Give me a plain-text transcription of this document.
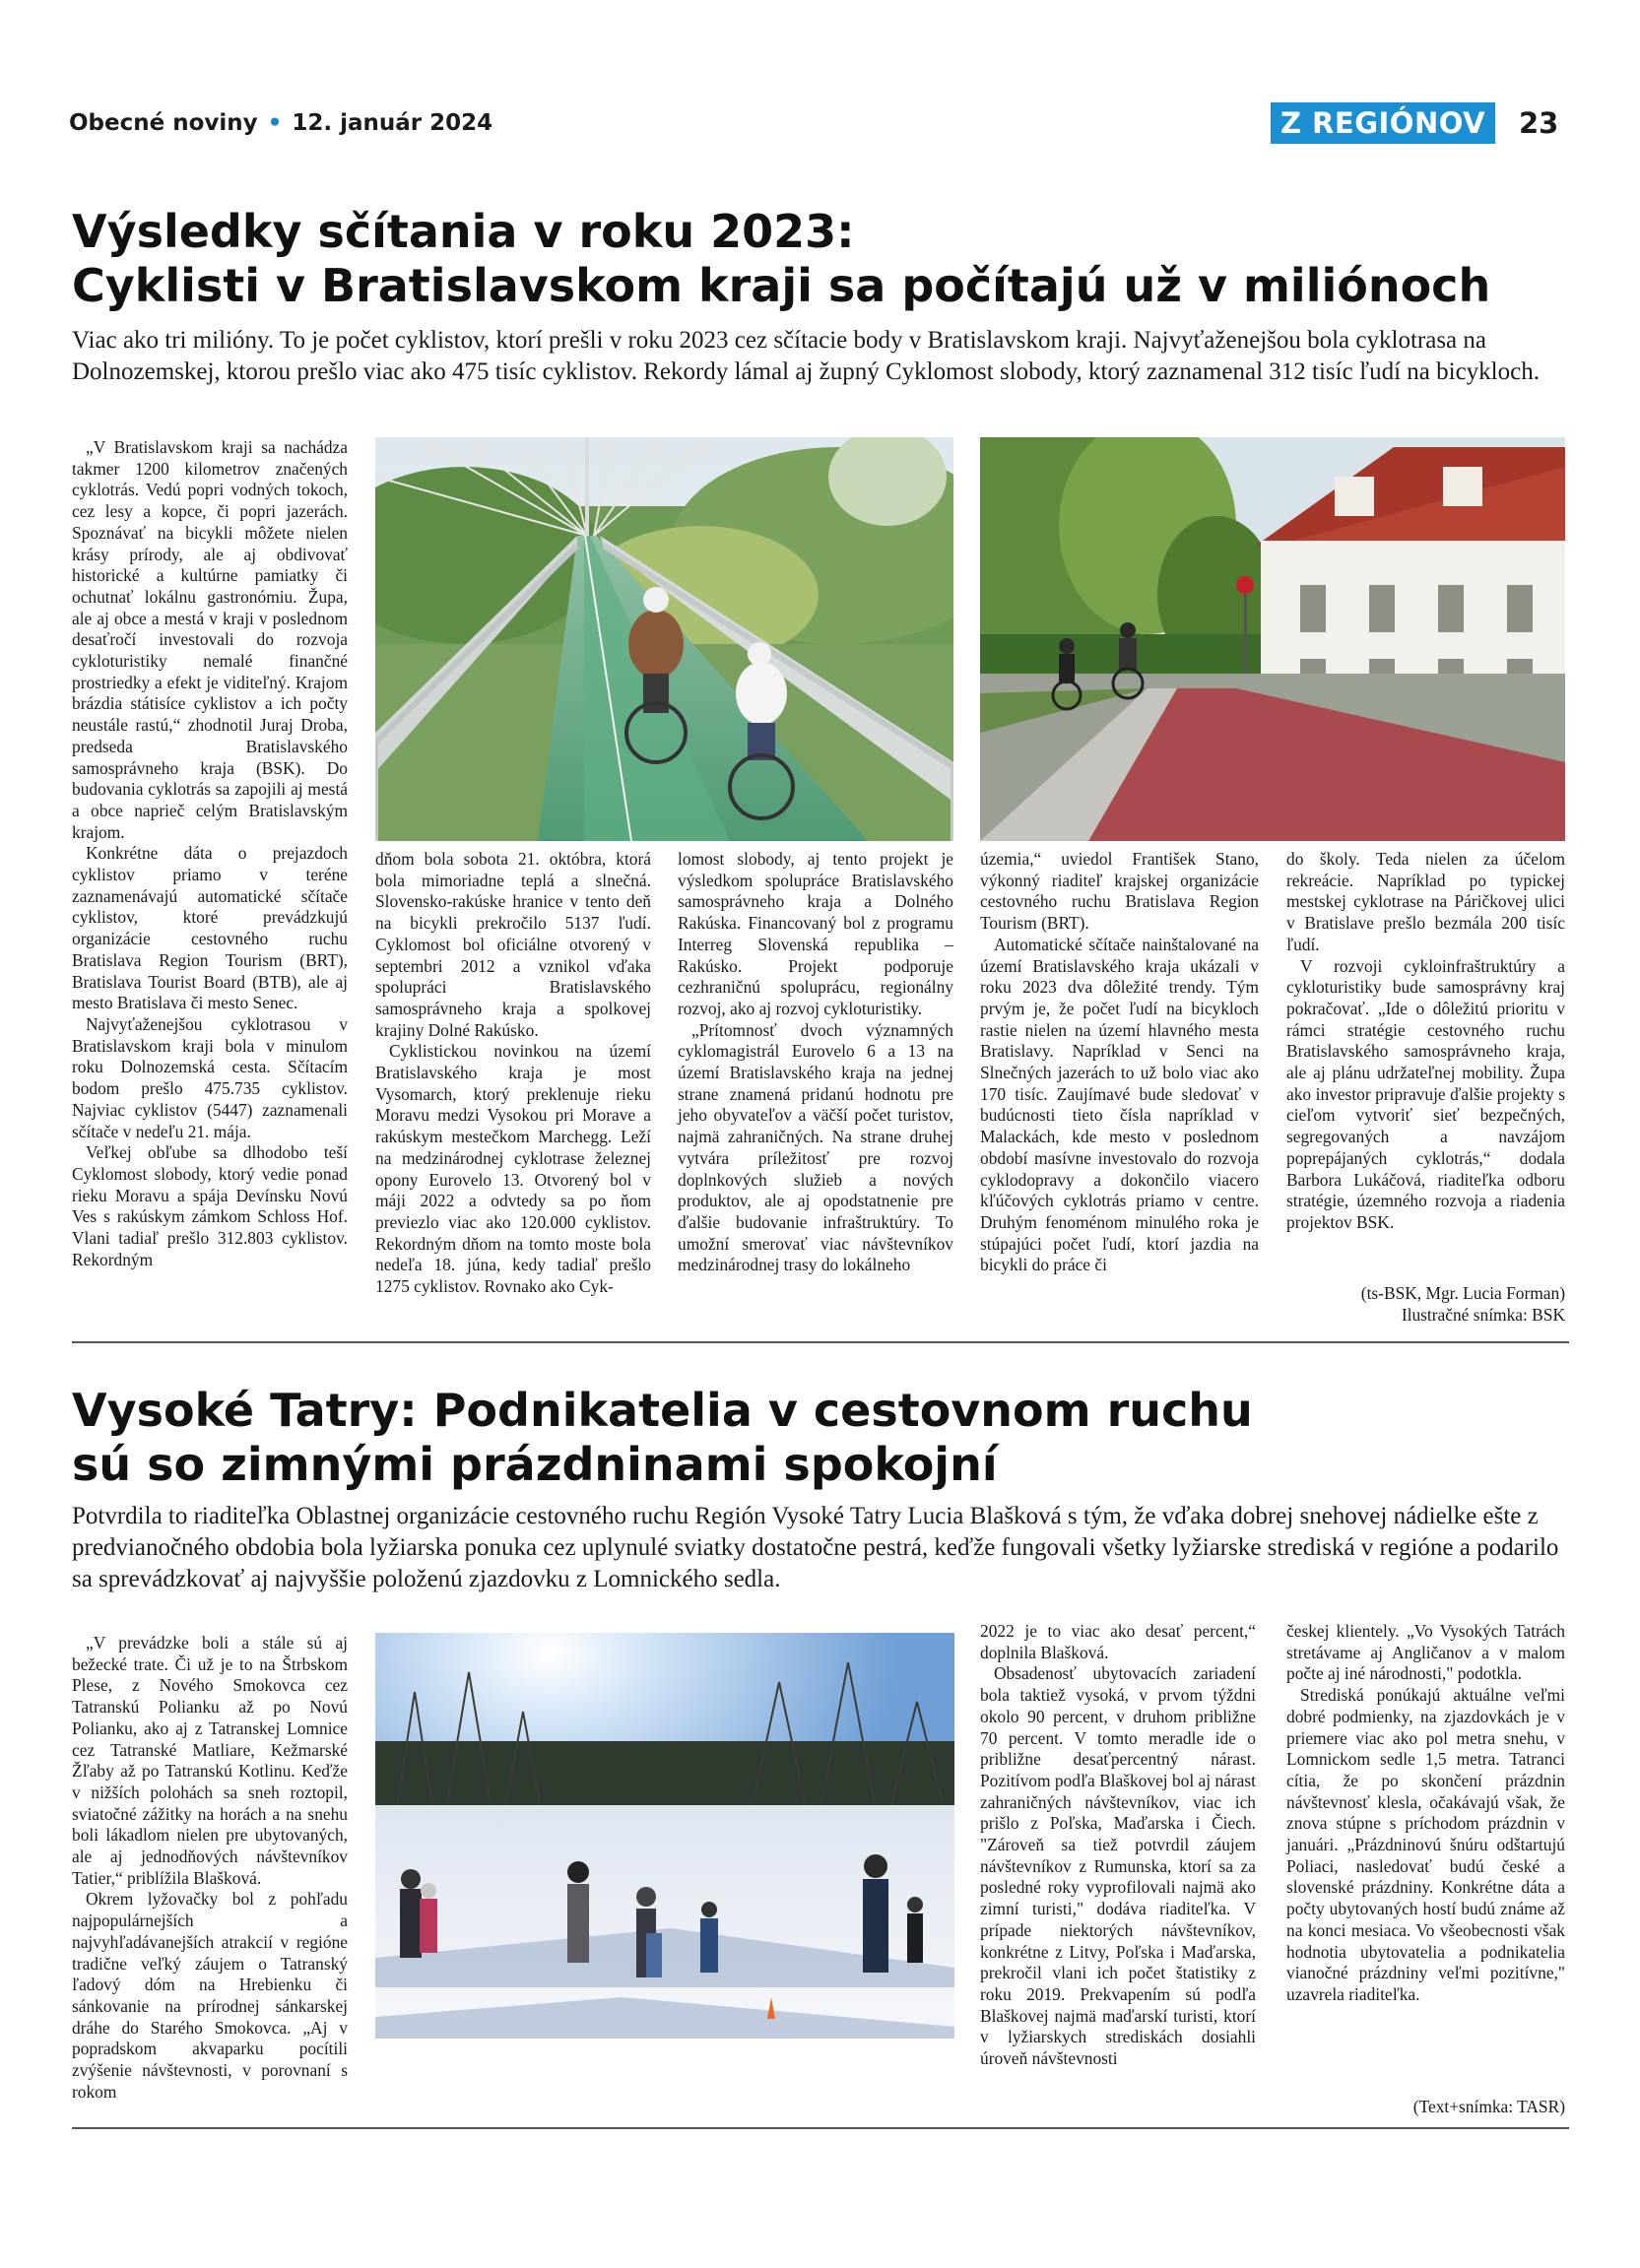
Obecné noviny • 12. január 2024	Z REGIÓNOV	23
Výsledky sčítania v roku 2023:
Cyklisti v Bratislavskom kraji sa počítajú už v miliónoch
Viac ako tri milióny. To je počet cyklistov, ktorí prešli v roku 2023 cez sčítacie body v Bratislavskom kraji. Najvyťaženejšou bola cyklotrasa na Dolnozemskej, ktorou prešlo viac ako 475 tisíc cyklistov. Rekordy lámal aj župný Cyklomost slobody, ktorý zaznamenal 312 tisíc ľudí na bicykloch.

„V Bratislavskom kraji sa nachádza takmer 1200 kilometrov značených cyklotrás. Vedú popri vodných tokoch, cez lesy a kopce, či popri jazerách. Spoznávať na bicykli môžete nielen krásy prírody, ale aj obdivovať historické a kultúrne pamiatky či ochutnať lokálnu gastronómiu. Župa, ale aj obce a mestá v kraji v poslednom desaťročí investovali do rozvoja cykloturistiky nemalé finančné prostriedky a efekt je viditeľný. Krajom brázdia státisíce cyklistov a ich počty neustále rastú,“ zhodnotil Juraj Droba, predseda Bratislavského samosprávneho kraja (BSK). Do budovania cyklotrás sa zapojili aj mestá a obce naprieč celým Bratislavským krajom.

Konkrétne dáta o prejazdoch cyklistov priamo v teréne zaznamenávajú automatické sčítače cyklistov, ktoré prevádzkujú organizácie cestovného ruchu Bratislava Region Tourism (BRT), Bratislava Tourist Board (BTB), ale aj mesto Bratislava či mesto Senec.

Najvyťaženejšou cyklotrasou v Bratislavskom kraji bola v minulom roku Dolnozemská cesta. Sčítacím bodom prešlo 475.735 cyklistov. Najviac cyklistov (5447) zaznamenali sčítače v nedeľu 21. mája.

Veľkej obľube sa dlhodobo teší Cyklomost slobody, ktorý vedie ponad rieku Moravu a spája Devínsku Novú Ves s rakúskym zámkom Schloss Hof. Vlani tadiaľ prešlo 312.803 cyklistov. Rekordným

dňom bola sobota 21. októbra, ktorá bola mimoriadne teplá a slnečná. Slovensko-rakúske hranice v tento deň na bicykli prekročilo 5137 ľudí. Cyklomost bol oficiálne otvorený v septembri 2012 a vznikol vďaka spolupráci Bratislavského samosprávneho kraja a spolkovej krajiny Dolné Rakúsko.

Cyklistickou novinkou na území Bratislavského kraja je most Vysomarch, ktorý preklenuje rieku Moravu medzi Vysokou pri Morave a rakúskym mestečkom Marchegg. Leží na medzinárodnej cyklotrase železnej opony Eurovelo 13. Otvorený bol v máji 2022 a odvtedy sa po ňom previezlo viac ako 120.000 cyklistov. Rekordným dňom na tomto moste bola nedeľa 18. júna, kedy tadiaľ prešlo 1275 cyklistov. Rovnako ako Cyk-

lomost slobody, aj tento projekt je výsledkom spolupráce Bratislavského samosprávneho kraja a Dolného Rakúska. Financovaný bol z programu Interreg Slovenská republika – Rakúsko. Projekt podporuje cezhraničnú spoluprácu, regionálny rozvoj, ako aj rozvoj cykloturistiky.

„Prítomnosť dvoch významných cyklomagistrál Eurovelo 6 a 13 na území Bratislavského kraja na jednej strane znamená pridanú hodnotu pre jeho obyvateľov a väčší počet turistov, najmä zahraničných. Na strane druhej vytvára príležitosť pre rozvoj doplnkových služieb a nových produktov, ale aj opodstatnenie pre ďalšie budovanie infraštruktúry. To umožní smerovať viac návštevníkov medzinárodnej trasy do lokálneho

územia,“ uviedol František Stano, výkonný riaditeľ krajskej organizácie cestovného ruchu Bratislava Region Tourism (BRT).

Automatické sčítače nainštalované na území Bratislavského kraja ukázali v roku 2023 dva dôležité trendy. Tým prvým je, že počet ľudí na bicykloch rastie nielen na území hlavného mesta Bratislavy. Napríklad v Senci na Slnečných jazerách to už bolo viac ako 170 tisíc. Zaujímavé bude sledovať v budúcnosti tieto čísla napríklad v Malackách, kde mesto v poslednom období masívne investovalo do rozvoja cyklodopravy a dokončilo viacero kľúčových cyklotrás priamo v centre. Druhým fenoménom minulého roka je stúpajúci počet ľudí, ktorí jazdia na bicykli do práce či

do školy. Teda nielen za účelom rekreácie. Napríklad po typickej mestskej cyklotrase na Páričkovej ulici v Bratislave prešlo bezmála 200 tisíc ľudí.

V rozvoji cykloinfraštruktúry a cykloturistiky bude samosprávny kraj pokračovať. „Ide o dôležitú prioritu v rámci stratégie cestovného ruchu Bratislavského samosprávneho kraja, ale aj plánu udržateľnej mobility. Župa ako investor pripravuje ďalšie projekty s cieľom vytvoriť sieť bezpečných, segregovaných a navzájom poprepájaných cyklotrás,“ dodala Barbora Lukáčová, riaditeľka odboru stratégie, územného rozvoja a riadenia projektov BSK.

(ts-BSK, Mgr. Lucia Forman)
Ilustračné snímka: BSK
Vysoké Tatry: Podnikatelia v cestovnom ruchu
sú so zimnými prázdninami spokojní
Potvrdila to riaditeľka Oblastnej organizácie cestovného ruchu Región Vysoké Tatry Lucia Blašková s tým, že vďaka dobrej snehovej nádielke ešte z predvianočného obdobia bola lyžiarska ponuka cez uplynulé sviatky dostatočne pestrá, keďže fungovali všetky lyžiarske strediská v regióne a podarilo sa sprevádzkovať aj najvyššie položenú zjazdovku z Lomnického sedla.

„V prevádzke boli a stále sú aj bežecké trate. Či už je to na Štrbskom Plese, z Nového Smokovca cez Tatranskú Polianku až po Novú Polianku, ako aj z Tatranskej Lomnice cez Tatranské Matliare, Kežmarské Žľaby až po Tatranskú Kotlinu. Keďže v nižších polohách sa sneh roztopil, sviatočné zážitky na horách a na snehu boli lákadlom nielen pre ubytovaných, ale aj jednodňových návštevníkov Tatier,“ priblížila Blašková.

Okrem lyžovačky bol z pohľadu najpopulárnejších a najvyhľadávanejších atrakcií v regióne tradične veľký záujem o Tatranský ľadový dóm na Hrebienku či sánkovanie na prírodnej sánkarskej dráhe do Starého Smokovca. „Aj v popradskom akvaparku pocítili zvýšenie návštevnosti, v porovnaní s rokom

2022 je to viac ako desať percent,“ doplnila Blašková.

Obsadenosť ubytovacích zariadení bola taktiež vysoká, v prvom týždni okolo 90 percent, v druhom približne 70 percent. V tomto meradle ide o približne desaťpercentný nárast. Pozitívom podľa Blaškovej bol aj nárast zahraničných návštevníkov, viac ich prišlo z Poľska, Maďarska i Čiech. "Zároveň sa tiež potvrdil záujem návštevníkov z Rumunska, ktorí sa za posledné roky vyprofilovali najmä ako zimní turisti," dodáva riaditeľka. V prípade niektorých návštevníkov, konkrétne z Litvy, Poľska i Maďarska, prekročil vlani ich počet štatistiky z roku 2019. Prekvapením sú podľa Blaškovej najmä maďarskí turisti, ktorí v lyžiarskych strediskách dosiahli úroveň návštevnosti

českej klientely. „Vo Vysokých Tatrách stretávame aj Angličanov a v malom počte aj iné národnosti," podotkla.

Strediská ponúkajú aktuálne veľmi dobré podmienky, na zjazdovkách je v priemere viac ako pol metra snehu, v Lomnickom sedle 1,5 metra. Tatranci cítia, že po skončení prázdnin návštevnosť klesla, očakávajú však, že znova stúpne s príchodom prázdnin v januári. „Prázdninovú šnúru odštartujú Poliaci, nasledovať budú české a slovenské prázdniny. Konkrétne dáta a počty ubytovaných hostí budú známe až na konci mesiaca. Vo všeobecnosti však hodnotia ubytovatelia a podnikatelia vianočné prázdniny veľmi pozitívne," uzavrela riaditeľka.

(Text+snímka: TASR)
